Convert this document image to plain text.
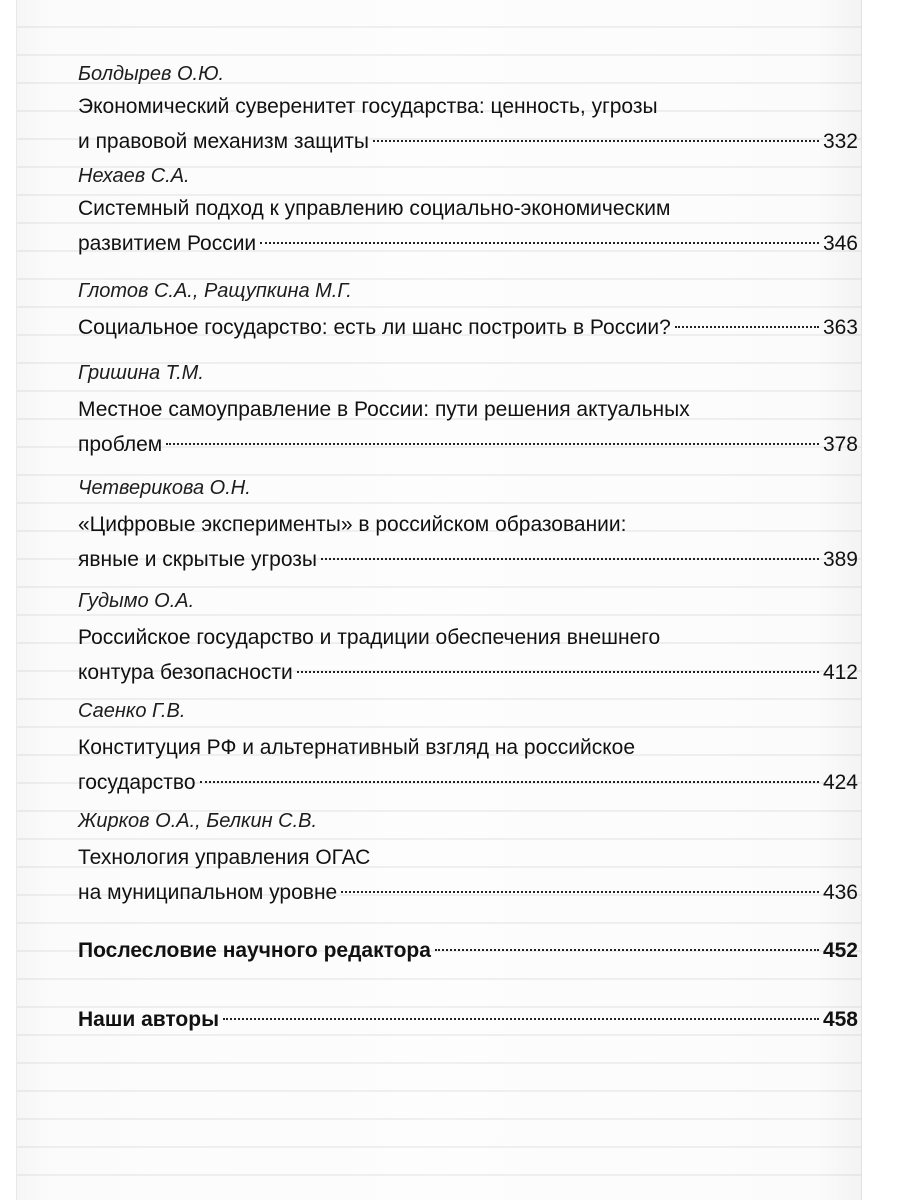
Болдырев О.Ю.

Экономический суверенитет государства: ценность, угрозы
и правовой механизм защиты	332

Нехаев С.А.

Системный подход к управлению социально-экономическим
развитием России	346

Глотов С.А., Ращупкина М.Г.

Социальное государство: есть ли шанс построить в России?	363

Гришина Т.М.

Местное самоуправление в России: пути решения актуальных
проблем	378

Четверикова О.Н.

«Цифровые эксперименты» в российском образовании:
явные и скрытые угрозы	389

Гудымо О.А.

Российское государство и традиции обеспечения внешнего
контура безопасности	412

Саенко Г.В.

Конституция РФ и альтернативный взгляд на российское
государство	424

Жирков О.А., Белкин С.В.

Технология управления ОГАС
на муниципальном уровне	436
Послесловие научного редактора	452
Наши авторы	458
